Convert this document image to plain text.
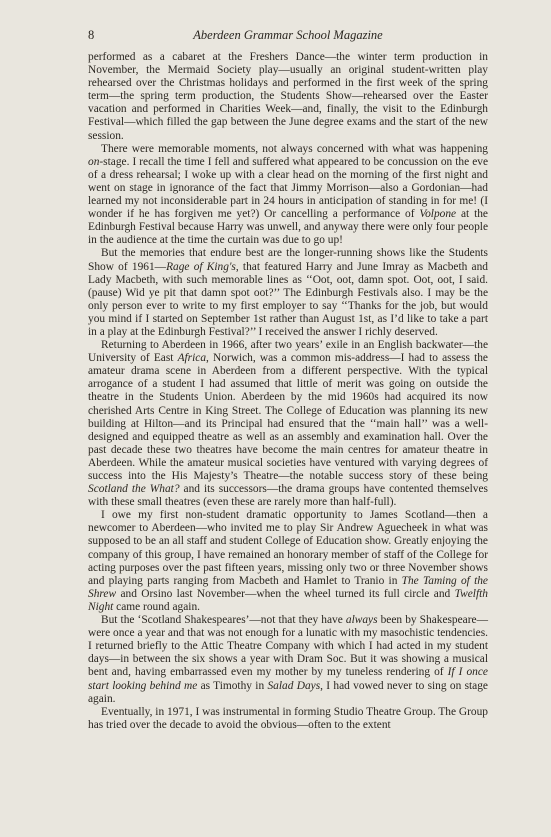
8	Aberdeen Grammar School Magazine

performed as a cabaret at the Freshers Dance—the winter term production in November, the Mermaid Society play—usually an original student-written play rehearsed over the Christmas holidays and performed in the first week of the spring term—the spring term production, the Students Show—rehearsed over the Easter vacation and performed in Charities Week—and, finally, the visit to the Edinburgh Festival—which filled the gap between the June degree exams and the start of the new session.

There were memorable moments, not always concerned with what was happening on-stage. I recall the time I fell and suffered what appeared to be concussion on the eve of a dress rehearsal; I woke up with a clear head on the morning of the first night and went on stage in ignorance of the fact that Jimmy Morrison—also a Gordonian—had learned my not inconsiderable part in 24 hours in anticipation of standing in for me! (I wonder if he has forgiven me yet?) Or cancelling a performance of Volpone at the Edinburgh Festival because Harry was unwell, and anyway there were only four people in the audience at the time the curtain was due to go up!

But the memories that endure best are the longer-running shows like the Students Show of 1961—Rage of King's, that featured Harry and June Imray as Macbeth and Lady Macbeth, with such memorable lines as ‘‘Oot, oot, damn spot. Oot, oot, I said. (pause) Wid ye pit that damn spot oot?’’ The Edinburgh Festivals also. I may be the only person ever to write to my first employer to say ‘‘Thanks for the job, but would you mind if I started on September 1st rather than August 1st, as I’d like to take a part in a play at the Edinburgh Festival?’’ I received the answer I richly deserved.

Returning to Aberdeen in 1966, after two years’ exile in an English backwater—the University of East Africa, Norwich, was a common mis-address—I had to assess the amateur drama scene in Aberdeen from a different perspective. With the typical arrogance of a student I had assumed that little of merit was going on outside the theatre in the Students Union. Aberdeen by the mid 1960s had acquired its now cherished Arts Centre in King Street. The College of Education was planning its new building at Hilton—and its Principal had ensured that the ‘‘main hall’’ was a well-designed and equipped theatre as well as an assembly and examination hall. Over the past decade these two theatres have become the main centres for amateur theatre in Aberdeen. While the amateur musical societies have ventured with varying degrees of success into the His Majesty’s Theatre—the notable success story of these being Scotland the What? and its successors—the drama groups have contented themselves with these small theatres (even these are rarely more than half-full).

I owe my first non-student dramatic opportunity to James Scotland—then a newcomer to Aberdeen—who invited me to play Sir Andrew Aguecheek in what was supposed to be an all staff and student College of Education show. Greatly enjoying the company of this group, I have remained an honorary member of staff of the College for acting purposes over the past fifteen years, missing only two or three November shows and playing parts ranging from Macbeth and Hamlet to Tranio in The Taming of the Shrew and Orsino last November—when the wheel turned its full circle and Twelfth Night came round again.

But the ‘Scotland Shakespeares’—not that they have always been by Shakespeare—were once a year and that was not enough for a lunatic with my masochistic tendencies. I returned briefly to the Attic Theatre Company with which I had acted in my student days—in between the six shows a year with Dram Soc. But it was showing a musical bent and, having embarrassed even my mother by my tuneless rendering of If I once start looking behind me as Timothy in Salad Days, I had vowed never to sing on stage again.

Eventually, in 1971, I was instrumental in forming Studio Theatre Group. The Group has tried over the decade to avoid the obvious—often to the extent
